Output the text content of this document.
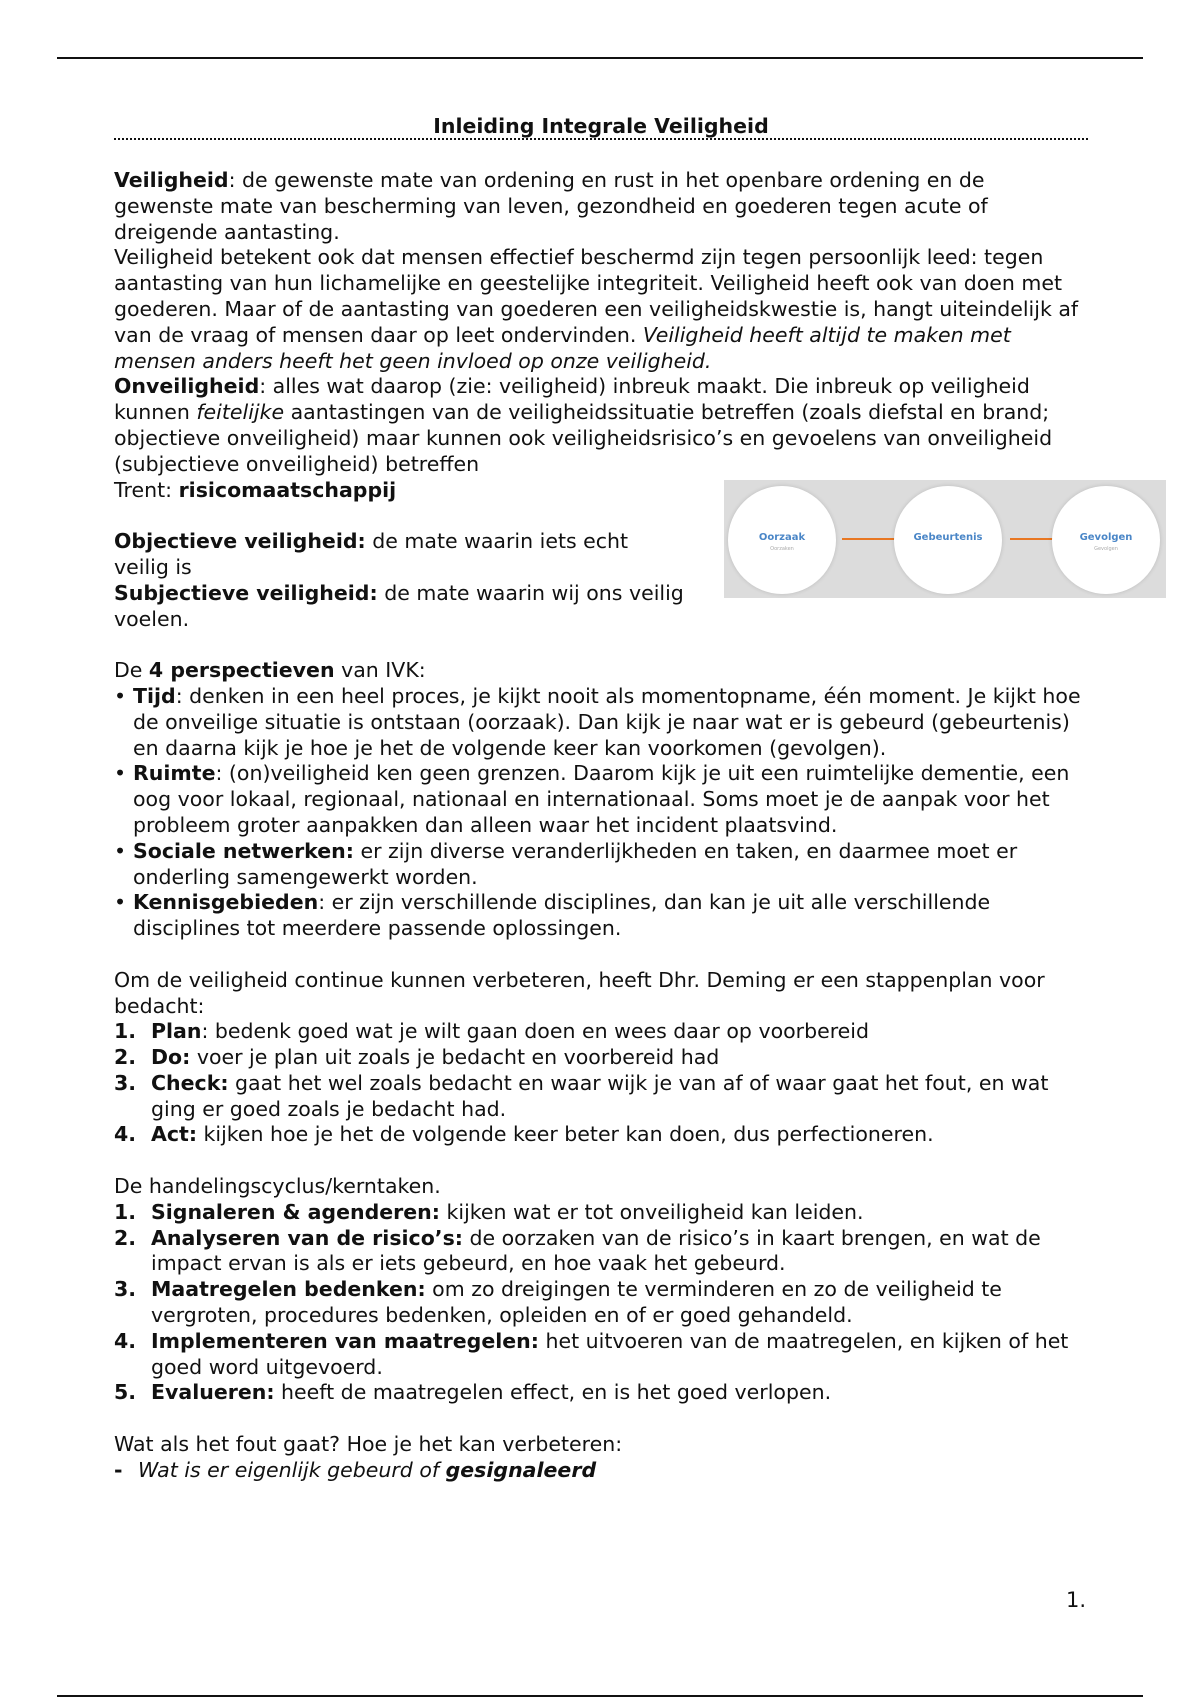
Inleiding Integrale Veiligheid

Veiligheid: de gewenste mate van ordening en rust in het openbare ordening en de gewenste mate van bescherming van leven, gezondheid en goederen tegen acute of dreigende aantasting.

Veiligheid betekent ook dat mensen effectief beschermd zijn tegen persoonlijk leed: tegen aantasting van hun lichamelijke en geestelijke integriteit. Veiligheid heeft ook van doen met goederen. Maar of de aantasting van goederen een veiligheidskwestie is, hangt uiteindelijk af van de vraag of mensen daar op leet ondervinden. Veiligheid heeft altijd te maken met mensen anders heeft het geen invloed op onze veiligheid.

Onveiligheid: alles wat daarop (zie: veiligheid) inbreuk maakt. Die inbreuk op veiligheid kunnen feitelijke aantastingen van de veiligheidssituatie betreffen (zoals diefstal en brand; objectieve onveiligheid) maar kunnen ook veiligheidsrisico’s en gevoelens van onveiligheid (subjectieve onveiligheid) betreffen

Trent: risicomaatschappij

Objectieve veiligheid: de mate waarin iets echt veilig is

Subjectieve veiligheid: de mate waarin wij ons veilig voelen.

De 4 perspectieven van IVK:

• Tijd: denken in een heel proces, je kijkt nooit als momentopname, één moment. Je kijkt hoe de onveilige situatie is ontstaan (oorzaak). Dan kijk je naar wat er is gebeurd (gebeurtenis) en daarna kijk je hoe je het de volgende keer kan voorkomen (gevolgen).

• Ruimte: (on)veiligheid ken geen grenzen. Daarom kijk je uit een ruimtelijke dementie, een oog voor lokaal, regionaal, nationaal en internationaal. Soms moet je de aanpak voor het probleem groter aanpakken dan alleen waar het incident plaatsvind.

• Sociale netwerken: er zijn diverse veranderlijkheden en taken, en daarmee moet er onderling samengewerkt worden.

• Kennisgebieden: er zijn verschillende disciplines, dan kan je uit alle verschillende disciplines tot meerdere passende oplossingen.

Om de veiligheid continue kunnen verbeteren, heeft Dhr. Deming er een stappenplan voor bedacht:

1. Plan: bedenk goed wat je wilt gaan doen en wees daar op voorbereid

2. Do: voer je plan uit zoals je bedacht en voorbereid had

3. Check: gaat het wel zoals bedacht en waar wijk je van af of waar gaat het fout, en wat ging er goed zoals je bedacht had.

4. Act: kijken hoe je het de volgende keer beter kan doen, dus perfectioneren.

De handelingscyclus/kerntaken.

1. Signaleren & agenderen: kijken wat er tot onveiligheid kan leiden.

2. Analyseren van de risico’s: de oorzaken van de risico’s in kaart brengen, en wat de impact ervan is als er iets gebeurd, en hoe vaak het gebeurd.

3. Maatregelen bedenken: om zo dreigingen te verminderen en zo de veiligheid te vergroten, procedures bedenken, opleiden en of er goed gehandeld.

4. Implementeren van maatregelen: het uitvoeren van de maatregelen, en kijken of het goed word uitgevoerd.

5. Evalueren: heeft de maatregelen effect, en is het goed verlopen.

Wat als het fout gaat? Hoe je het kan verbeteren:

- Wat is er eigenlijk gebeurd of gesignaleerd

Oorzaak
Oorzaken
Gebeurtenis	Gevolgen
Gevolgen
1.
